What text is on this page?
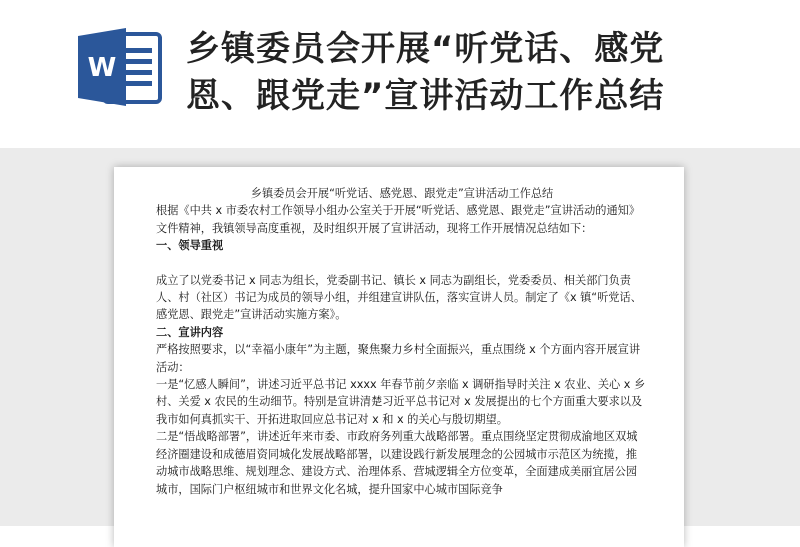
W 乡镇委员会开展“听党话、感党
恩、跟党走”宣讲活动工作总结

乡镇委员会开展“听党话、感党恩、跟党走”宣讲活动工作总结

根据《中共 x 市委农村工作领导小组办公室关于开展“听党话、感党恩、跟党走”宣讲活动的通知》文件精神，我镇领导高度重视，及时组织开展了宣讲活动，现将工作开展情况总结如下：

一、领导重视

成立了以党委书记 x 同志为组长，党委副书记、镇长 x 同志为副组长，党委委员、相关部门负责人、村（社区）书记为成员的领导小组，并组建宣讲队伍，落实宣讲人员。制定了《x 镇“听党话、感党恩、跟党走”宣讲活动实施方案》。

二、宣讲内容

严格按照要求，以“幸福小康年”为主题，聚焦聚力乡村全面振兴，重点围绕 x 个方面内容开展宣讲活动：

一是“忆感人瞬间”，讲述习近平总书记 xxxx 年春节前夕亲临 x 调研指导时关注 x 农业、关心 x 乡村、关爱 x 农民的生动细节。特别是宣讲清楚习近平总书记对 x 发展提出的七个方面重大要求以及我市如何真抓实干、开拓进取回应总书记对 x 和 x 的关心与殷切期望。

二是“悟战略部署”，讲述近年来市委、市政府务列重大战略部署。重点围绕坚定贯彻成渝地区双城经济圈建设和成德眉资同城化发展战略部署，以建设践行新发展理念的公园城市示范区为统揽，推动城市战略思维、规划理念、建设方式、治理体系、营城逻辑全方位变革，全面建成美丽宜居公园城市，国际门户枢纽城市和世界文化名城，提升国家中心城市国际竞争
